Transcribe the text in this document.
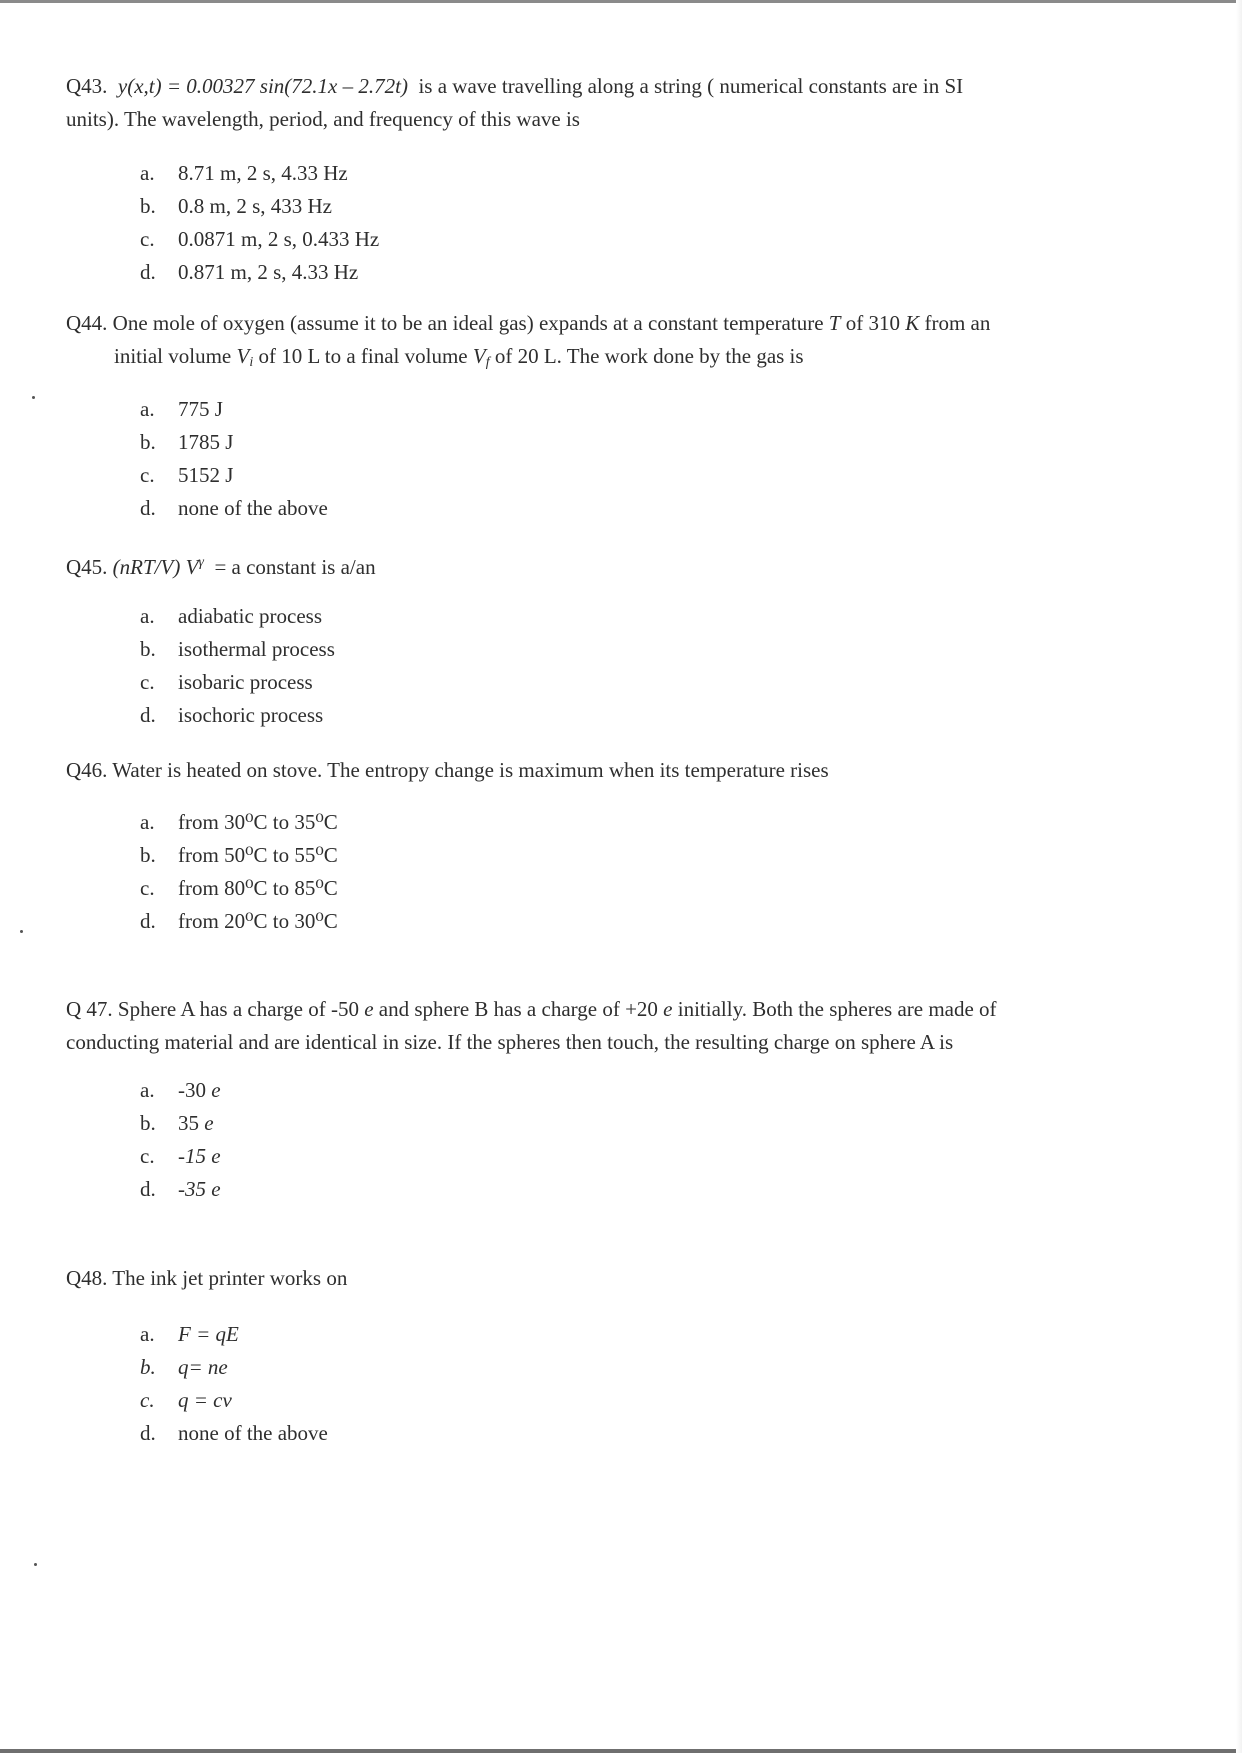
Q43. y(x,t) = 0.00327 sin(72.1x – 2.72t) is a wave travelling along a string ( numerical constants are in SI
units). The wavelength, period, and frequency of this wave is
a. 8.71 m, 2 s, 4.33 Hz
b. 0.8 m, 2 s, 433 Hz
c. 0.0871 m, 2 s, 0.433 Hz
d. 0.871 m, 2 s, 4.33 Hz
Q44. One mole of oxygen (assume it to be an ideal gas) expands at a constant temperature T of 310 K from an
initial volume $V_i$ of 10 L to a final volume $V_f$ of 20 L. The work done by the gas is
a. 775 J
b. 1785 J
c. 5152 J
d. none of the above
Q45. (nRT/V) $V^\gamma = a$ constant is a/an
a. adiabatic process
b. isothermal process
c. isobaric process
d. isochoric process
Q46. Water is heated on stove. The entropy change is maximum when its temperature rises
a. from 30⁰C to 35⁰C
b. from 50⁰C to 55⁰C
c. from 80⁰C to 85⁰C
d. from 20⁰C to 30⁰C
Q 47. Sphere A has a charge of -50 e and sphere B has a charge of +20 e initially. Both the spheres are made of
conducting material and are identical in size. If the spheres then touch, the resulting charge on sphere A is
a. -30 e
b. 35 e
c. -15 e
d. -35 e
Q48. The ink jet printer works on
a. F = qE
b. q= ne
c. q = cv
d. none of the above
